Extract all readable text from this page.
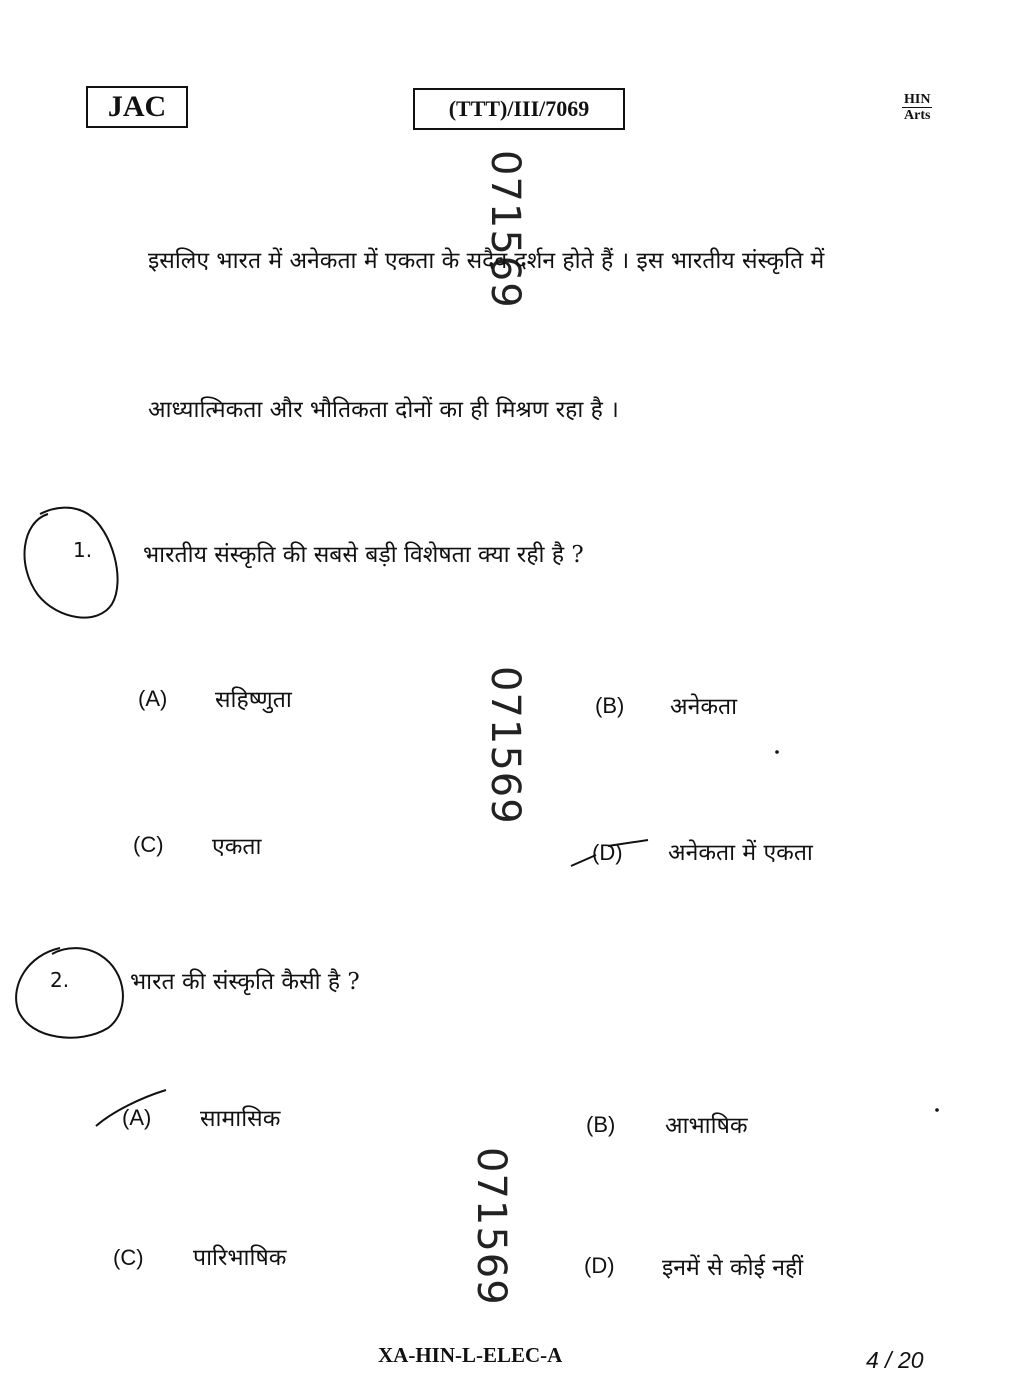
JAC	(TTT)/III/7069	HIN
Arts
071569
071569
071569
इसलिए भारत में अनेकता में एकता के सदैव दर्शन होते हैं । इस भारतीय संस्कृति में
आध्यात्मिकता और भौतिकता दोनों का ही मिश्रण रहा है ।
1. भारतीय संस्कृति की सबसे बड़ी विशेषता क्या रही है ?
(A) सहिष्णुता	(B) अनेकता
(C) एकता	(D) अनेकता में एकता
2.	भारत की संस्कृति कैसी है ?
(A) सामासिक	(B) आभाषिक
(C) पारिभाषिक	(D) इनमें से कोई नहीं
XA-HIN-L-ELEC-A	4 / 20
